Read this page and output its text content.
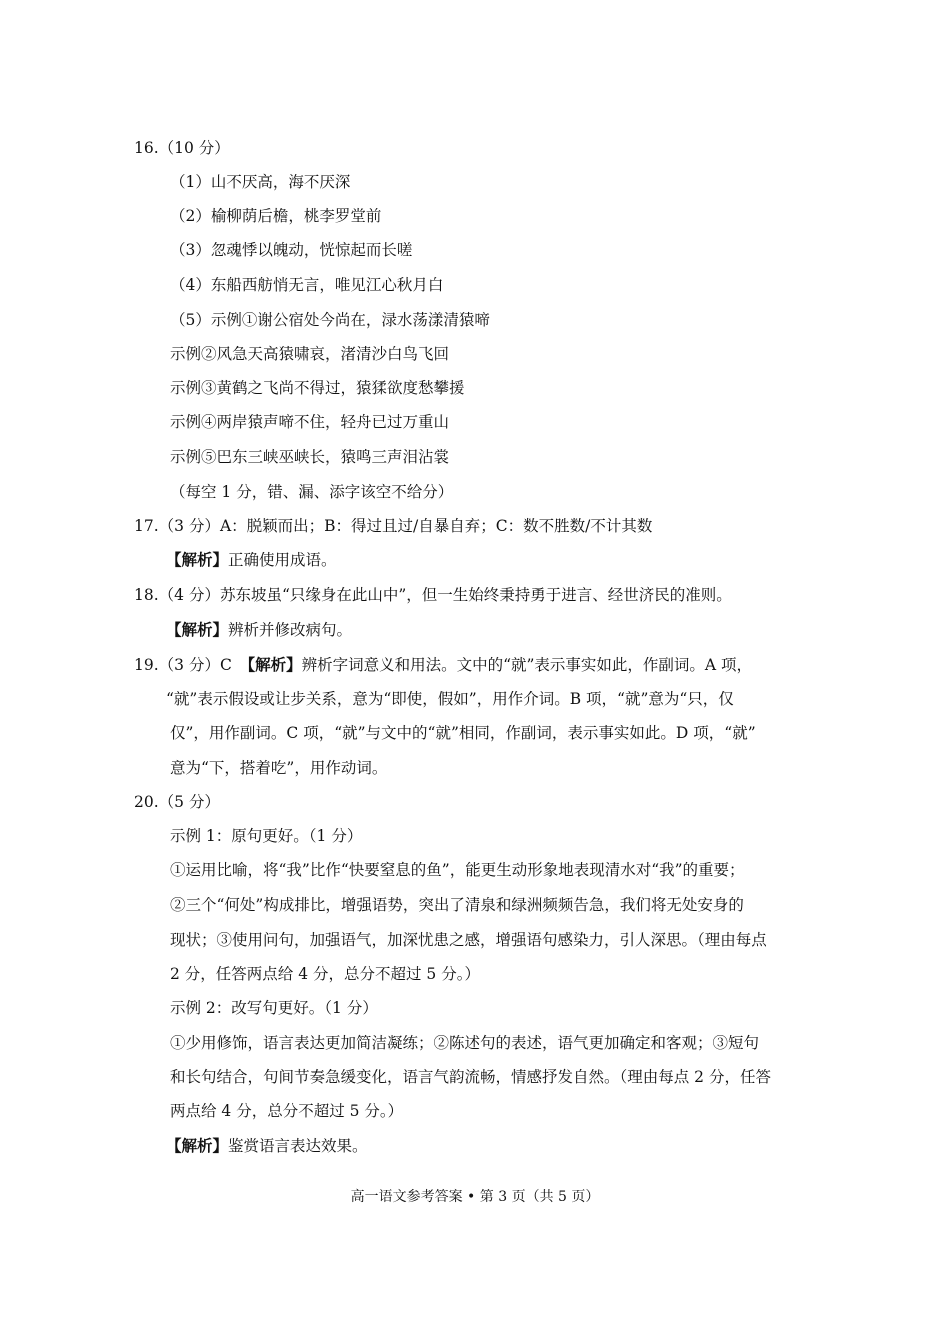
16.（10 分）

（1）山不厌高，海不厌深

（2）榆柳荫后檐，桃李罗堂前

（3）忽魂悸以魄动，恍惊起而长嗟

（4）东船西舫悄无言，唯见江心秋月白

（5）示例①谢公宿处今尚在，渌水荡漾清猿啼

示例②风急天高猿啸哀，渚清沙白鸟飞回

示例③黄鹤之飞尚不得过，猿猱欲度愁攀援

示例④两岸猿声啼不住，轻舟已过万重山

示例⑤巴东三峡巫峡长，猿鸣三声泪沾裳

（每空 1 分，错、漏、添字该空不给分）

17.（3 分）A：脱颖而出；B：得过且过/自暴自弃；C：数不胜数/不计其数

【解析】正确使用成语。

18.（4 分）苏东坡虽“只缘身在此山中”，但一生始终秉持勇于进言、经世济民的准则。

【解析】辨析并修改病句。

19.（3 分）C　【解析】辨析字词意义和用法。文中的“就”表示事实如此，作副词。A 项，

“就”表示假设或让步关系，意为“即使，假如”，用作介词。B 项，“就”意为“只，仅

仅”，用作副词。C 项，“就”与文中的“就”相同，作副词，表示事实如此。D 项，“就”

意为“下，搭着吃”，用作动词。

20.（5 分）

示例 1：原句更好。（1 分）

①运用比喻，将“我”比作“快要窒息的鱼”，能更生动形象地表现清水对“我”的重要；

②三个“何处”构成排比，增强语势，突出了清泉和绿洲频频告急，我们将无处安身的

现状；③使用问句，加强语气，加深忧患之感，增强语句感染力，引人深思。（理由每点

2 分，任答两点给 4 分，总分不超过 5 分。）

示例 2：改写句更好。（1 分）

①少用修饰，语言表达更加简洁凝练；②陈述句的表述，语气更加确定和客观；③短句

和长句结合，句间节奏急缓变化，语言气韵流畅，情感抒发自然。（理由每点 2 分，任答

两点给 4 分，总分不超过 5 分。）

【解析】鉴赏语言表达效果。

高一语文参考答案 • 第 3 页（共 5 页）
